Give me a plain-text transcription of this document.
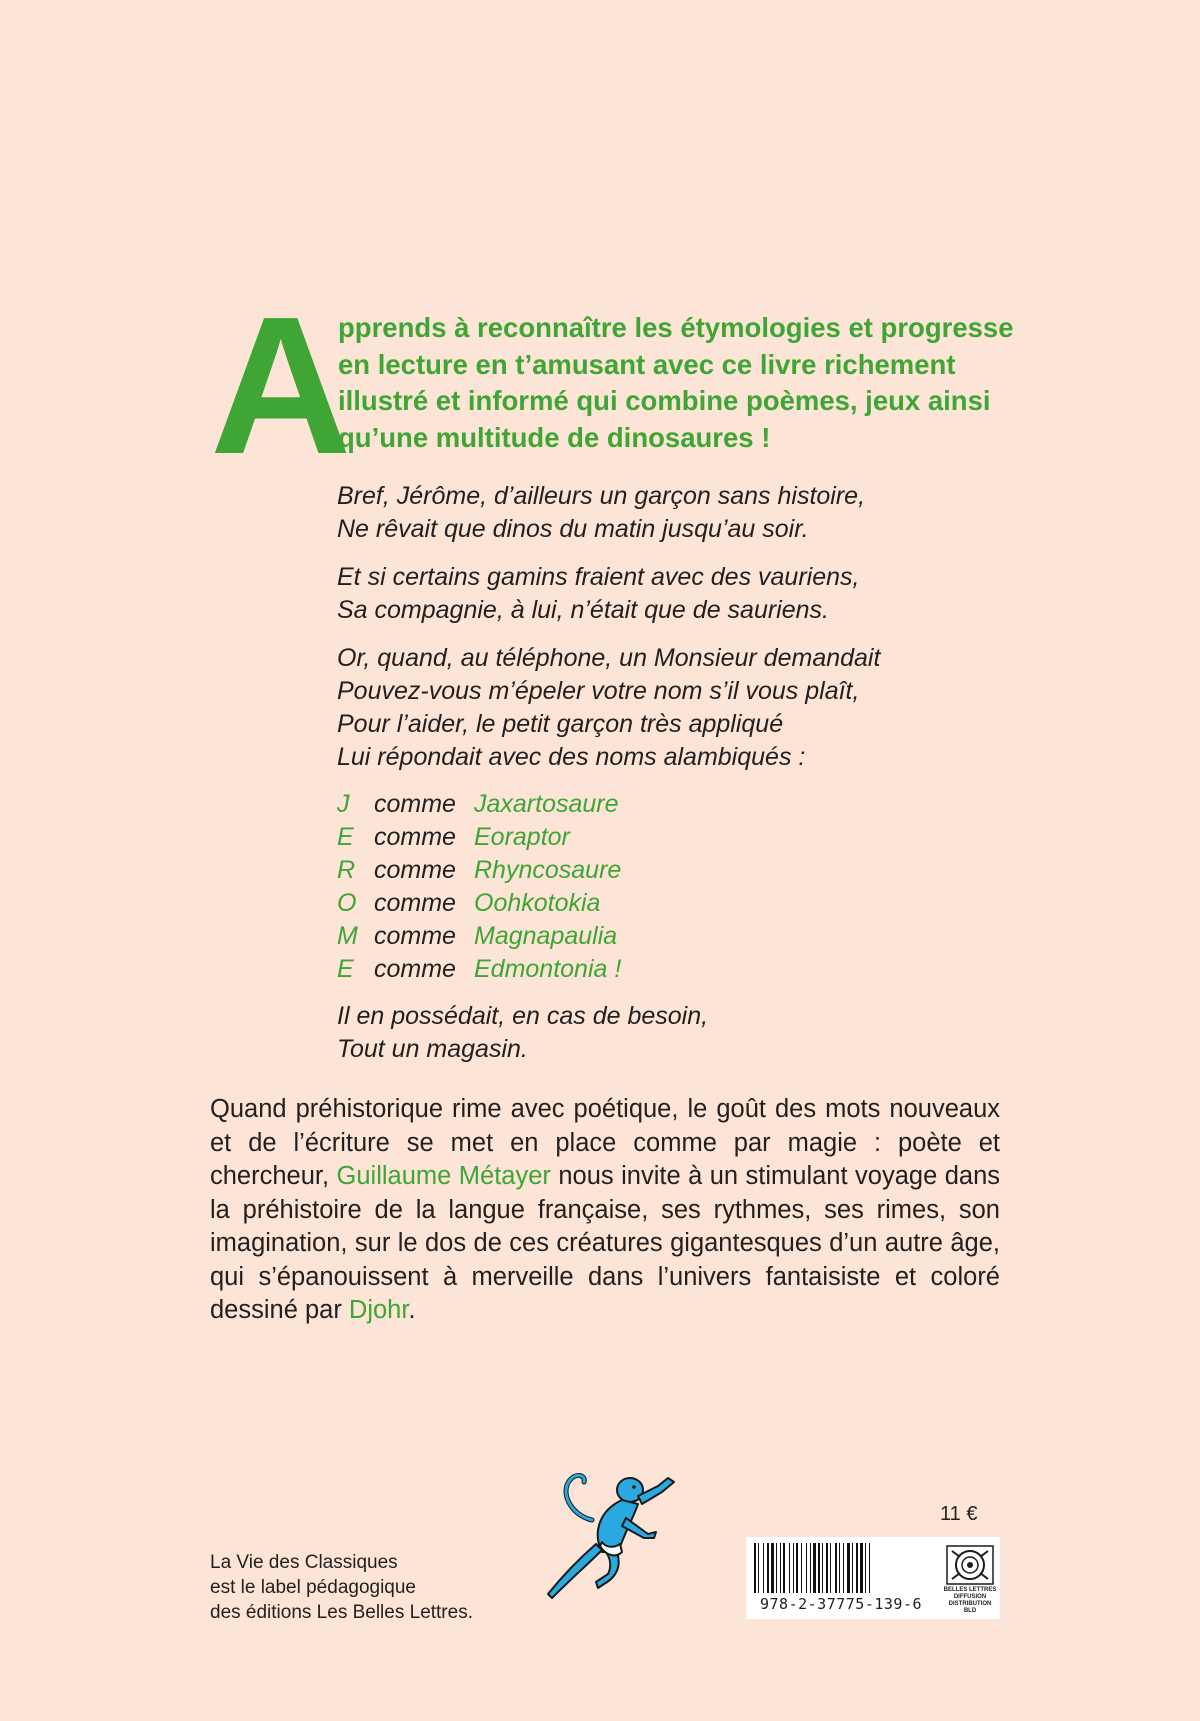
A
pprends à reconnaître les étymologies et progresse
en lecture en t’amusant avec ce livre richement
illustré et informé qui combine poèmes, jeux ainsi
qu’une multitude de dinosaures !
Bref, Jérôme, d’ailleurs un garçon sans histoire,
Ne rêvait que dinos du matin jusqu’au soir.
Et si certains gamins fraient avec des vauriens,
Sa compagnie, à lui, n’était que de sauriens.
Or, quand, au téléphone, un Monsieur demandait
Pouvez-vous m’épeler votre nom s’il vous plaît,
Pour l’aider, le petit garçon très appliqué
Lui répondait avec des noms alambiqués :
J comme Jaxartosaure
E comme Eoraptor
R comme Rhyncosaure
O comme Oohkotokia
M comme Magnapaulia
E comme Edmontonia !
Il en possédait, en cas de besoin,
Tout un magasin.
Quand préhistorique rime avec poétique, le goût des mots nouveaux et de l’écriture se met en place comme par magie : poète et chercheur, Guillaume Métayer nous invite à un stimulant voyage dans la préhistoire de la langue française, ses rythmes, ses rimes, son imagination, sur le dos de ces créatures gigantesques d’un autre âge, qui s’épanouissent à merveille dans l’univers fantaisiste et coloré dessiné par Djohr.
La Vie des Classiques
est le label pédagogique
des éditions Les Belles Lettres.
11 €
978-2-37775-139-6
BELLES LETTRES
DIFFUSION
DISTRIBUTION
BLD
